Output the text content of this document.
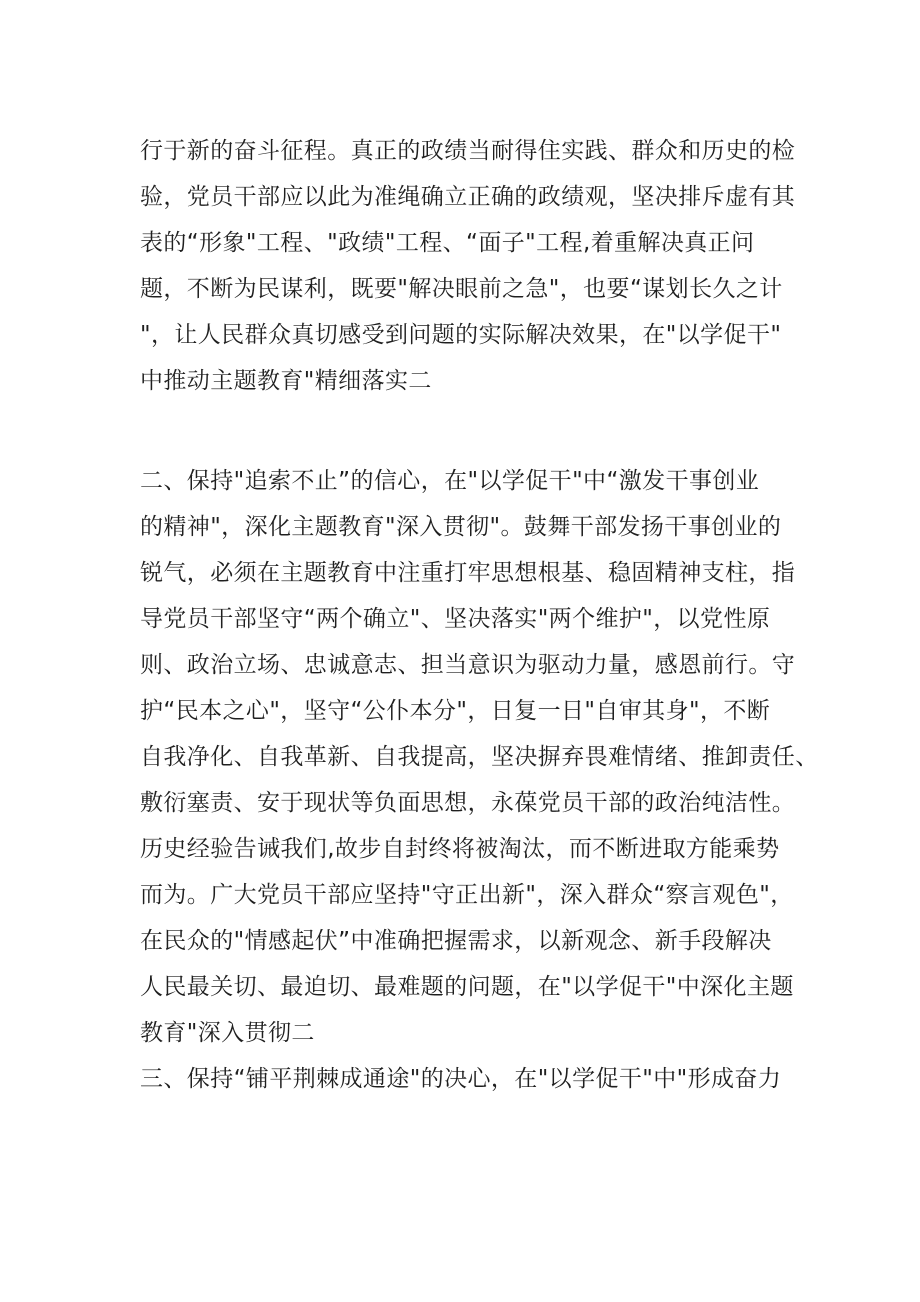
行于新的奋斗征程。真正的政绩当耐得住实践、群众和历史的检
验，党员干部应以此为准绳确立正确的政绩观，坚决排斥虚有其
表的“形象"工程、"政绩"工程、“面子"工程,着重解决真正问
题，不断为民谋利，既要"解决眼前之急"，也要“谋划长久之计
"，让人民群众真切感受到问题的实际解决效果，在"以学促干"
中推动主题教育"精细落实二
二、保持"追索不止”的信心，在"以学促干"中“激发干事创业
的精神"，深化主题教育"深入贯彻"。鼓舞干部发扬干事创业的
锐气，必须在主题教育中注重打牢思想根基、稳固精神支柱，指
导党员干部坚守“两个确立"、坚决落实"两个维护"，以党性原
则、政治立场、忠诚意志、担当意识为驱动力量，感恩前行。守
护“民本之心"，坚守“公仆本分"，日复一日"自审其身"，不断
自我净化、自我革新、自我提高，坚决摒弃畏难情绪、推卸责任、
敷衍塞责、安于现状等负面思想，永葆党员干部的政治纯洁性。
历史经验告诫我们,故步自封终将被淘汰，而不断进取方能乘势
而为。广大党员干部应坚持"守正出新"，深入群众“察言观色"，
在民众的"情感起伏”中准确把握需求，以新观念、新手段解决
人民最关切、最迫切、最难题的问题，在"以学促干"中深化主题
教育"深入贯彻二
三、保持“铺平荆棘成通途"的决心，在"以学促干"中"形成奋力
